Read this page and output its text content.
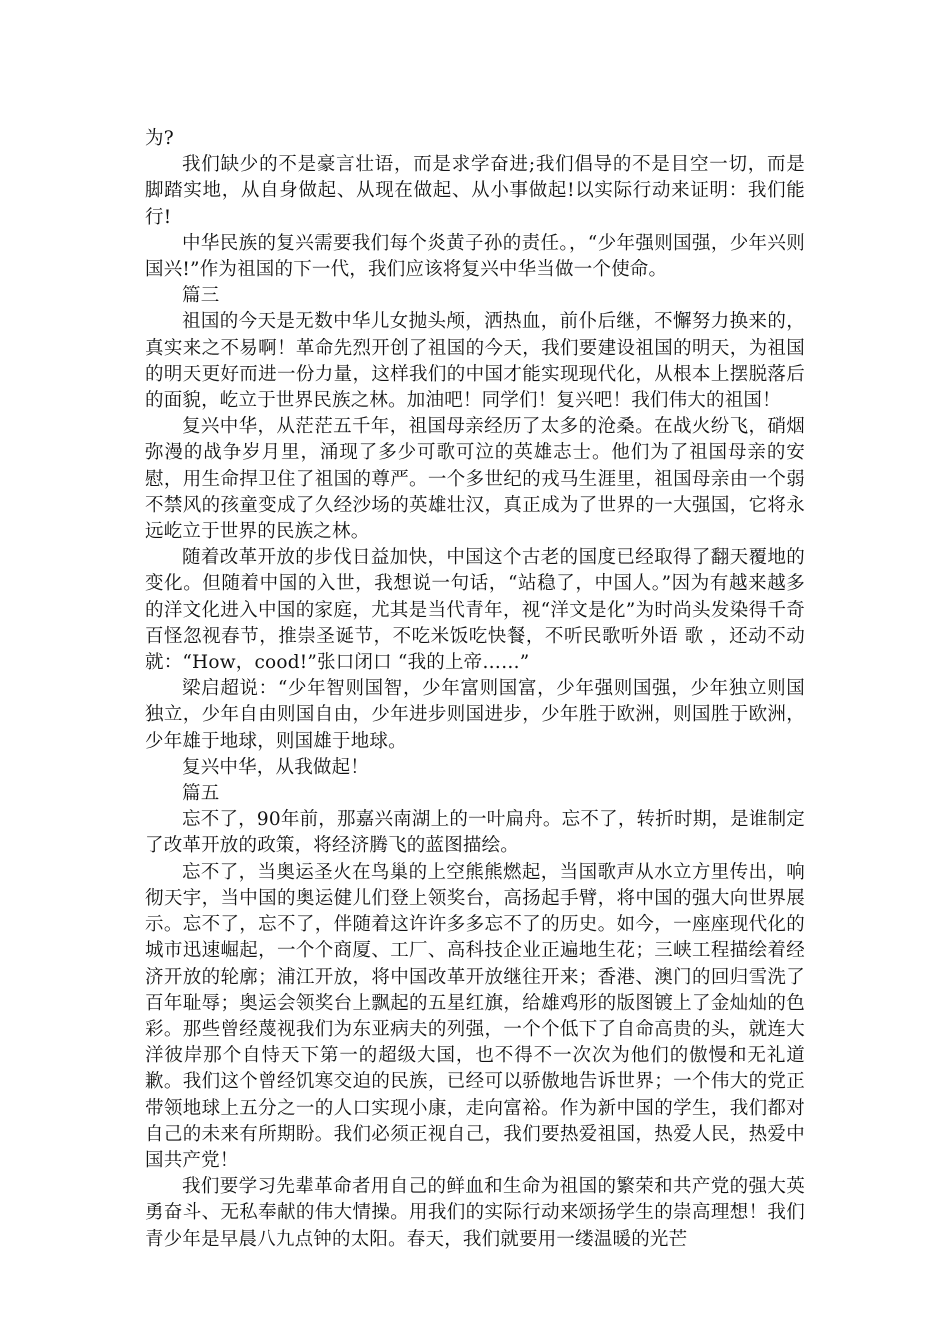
为?

我们缺少的不是豪言壮语，而是求学奋进;我们倡导的不是目空一切，而是脚踏实地，从自身做起、从现在做起、从小事做起!以实际行动来证明：我们能行!

中华民族的复兴需要我们每个炎黄子孙的责任。，“少年强则国强，少年兴则国兴!”作为祖国的下一代，我们应该将复兴中华当做一个使命。

篇三

祖国的今天是无数中华儿女抛头颅，洒热血，前仆后继，不懈努力换来的，真实来之不易啊！革命先烈开创了祖国的今天，我们要建设祖国的明天，为祖国的明天更好而进一份力量，这样我们的中国才能实现现代化，从根本上摆脱落后的面貌，屹立于世界民族之林。加油吧！同学们！复兴吧！我们伟大的祖国！

复兴中华，从茫茫五千年，祖国母亲经历了太多的沧桑。在战火纷飞，硝烟弥漫的战争岁月里，涌现了多少可歌可泣的英雄志士。他们为了祖国母亲的安慰，用生命捍卫住了祖国的尊严。一个多世纪的戎马生涯里，祖国母亲由一个弱不禁风的孩童变成了久经沙场的英雄壮汉，真正成为了世界的一大强国，它将永远屹立于世界的民族之林。

随着改革开放的步伐日益加快，中国这个古老的国度已经取得了翻天覆地的变化。但随着中国的入世，我想说一句话，“站稳了，中国人。”因为有越来越多的洋文化进入中国的家庭，尤其是当代青年，视“洋文是化”为时尚头发染得千奇百怪忽视春节，推崇圣诞节，不吃米饭吃快餐，不听民歌听外语 歌 ，还动不动就：“How，cood!”张口闭口 “我的上帝……”

梁启超说：“少年智则国智，少年富则国富，少年强则国强，少年独立则国独立，少年自由则国自由，少年进步则国进步，少年胜于欧洲，则国胜于欧洲，少年雄于地球，则国雄于地球。

复兴中华，从我做起！

篇五

忘不了，90年前，那嘉兴南湖上的一叶扁舟。忘不了，转折时期，是谁制定了改革开放的政策，将经济腾飞的蓝图描绘。

忘不了，当奥运圣火在鸟巢的上空熊熊燃起，当国歌声从水立方里传出，响彻天宇，当中国的奥运健儿们登上领奖台，高扬起手臂，将中国的强大向世界展示。忘不了，忘不了，伴随着这许许多多忘不了的历史。如今，一座座现代化的城市迅速崛起，一个个商厦、工厂、高科技企业正遍地生花；三峡工程描绘着经济开放的轮廓；浦江开放，将中国改革开放继往开来；香港、澳门的回归雪洗了百年耻辱；奥运会领奖台上飘起的五星红旗，给雄鸡形的版图镀上了金灿灿的色彩。那些曾经蔑视我们为东亚病夫的列强，一个个低下了自命高贵的头，就连大洋彼岸那个自恃天下第一的超级大国，也不得不一次次为他们的傲慢和无礼道歉。我们这个曾经饥寒交迫的民族，已经可以骄傲地告诉世界；一个伟大的党正带领地球上五分之一的人口实现小康，走向富裕。作为新中国的学生，我们都对自己的未来有所期盼。我们必须正视自己，我们要热爱祖国，热爱人民，热爱中国共产党！

我们要学习先辈革命者用自己的鲜血和生命为祖国的繁荣和共产党的强大英勇奋斗、无私奉献的伟大情操。用我们的实际行动来颂扬学生的崇高理想！我们青少年是早晨八九点钟的太阳。春天，我们就要用一缕温暖的光芒
